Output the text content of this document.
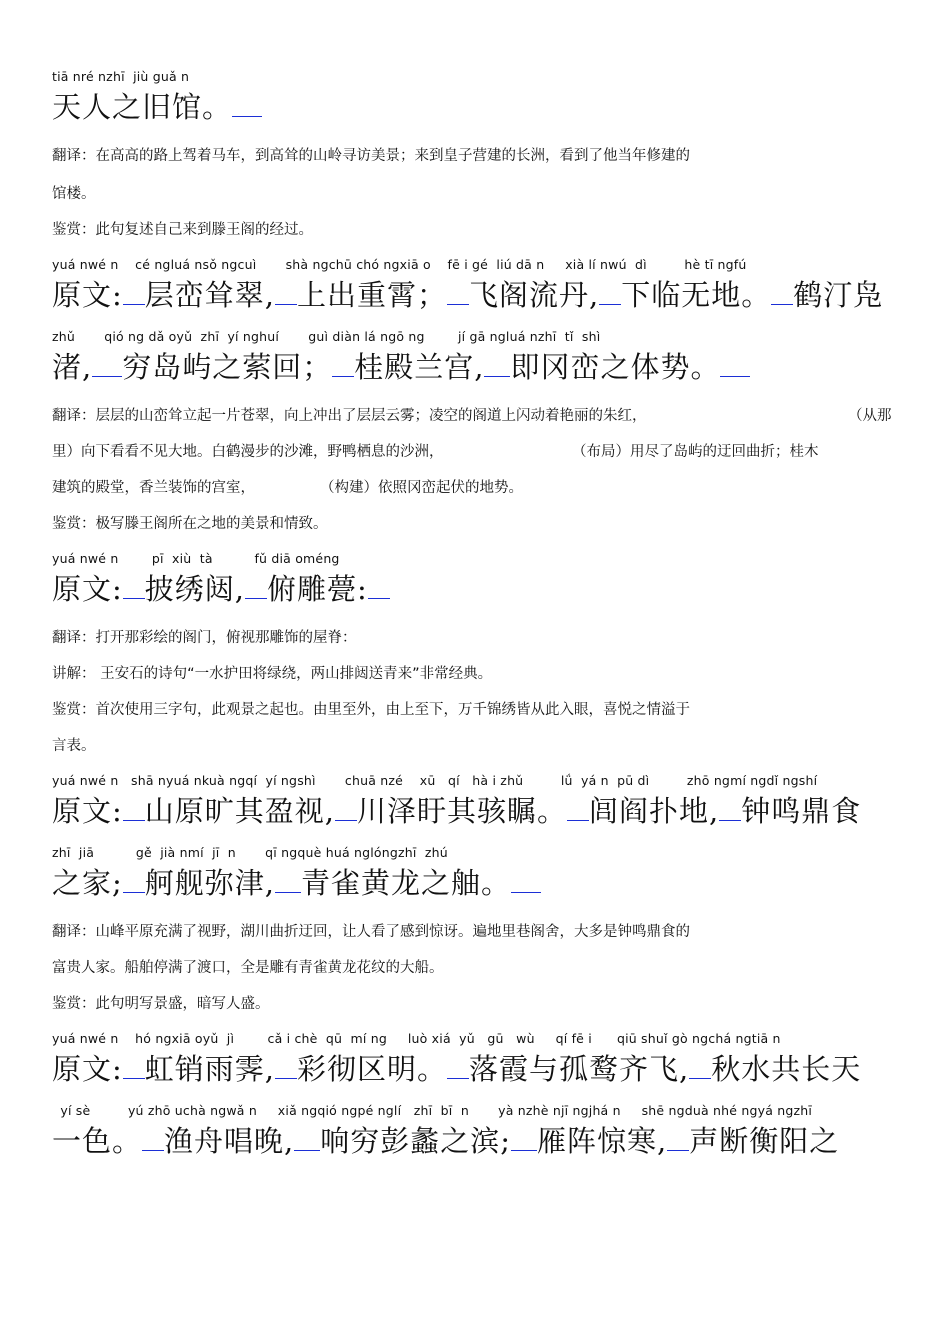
tiā nré nzhī  jiù guǎ n
天人之旧馆。
翻译：在高高的路上驾着马车，到高耸的山岭寻访美景；来到皇子营建的长洲，看到了他当年修建的
馆楼。
鉴赏：此句复述自己来到滕王阁的经过。
yuá nwé n    cé ngluá nsǒ ngcuì       shà ngchū chó ngxiā o    fē i gé  liú dā n     xià lí nwú  dì         hè tī ngfú
原文: 层峦耸翠, 上出重霄； 飞阁流丹, 下临无地。 鹤汀凫
zhǔ       qió ng dǎ oyǔ  zhī  yí nghuí       guì diàn lá ngō ng        jí gā ngluá nzhī  tǐ  shì
渚, 穷岛屿之萦回； 桂殿兰宫, 即冈峦之体势。
翻译：层层的山峦耸立起一片苍翠，向上冲出了层层云雾；凌空的阁道上闪动着艳丽的朱红，	（从那
里）向下看看不见大地。白鹤漫步的沙滩，野鸭栖息的沙洲，	（布局）用尽了岛屿的迂回曲折；桂木
建筑的殿堂，香兰装饰的宫室，	（构建）依照冈峦起伏的地势。
鉴赏：极写滕王阁所在之地的美景和情致。
yuá nwé n        pī  xiù  tà          fǔ diā oméng
原文: 披绣闼, 俯雕甍:
翻译：打开那彩绘的阁门，俯视那雕饰的屋脊：
讲解： 王安石的诗句“一水护田将绿绕，两山排闼送青来”非常经典。
鉴赏：首次使用三字句，此观景之起也。由里至外，由上至下，万千锦绣皆从此入眼，喜悦之情溢于
言表。
yuá nwé n   shā nyuá nkuà ngqí  yí ngshì       chuā nzé    xū   qí   hà i zhǔ         lǘ  yá n  pū dì         zhō ngmí ngdǐ ngshí
原文: 山原旷其盈视, 川泽盱其骇瞩。 闾阎扑地, 钟鸣鼎食
zhī  jiā          gě  jià nmí  jī  n       qī ngquè huá nglóngzhī  zhú
之家; 舸舰弥津, 青雀黄龙之舳。
翻译：山峰平原充满了视野，湖川曲折迂回，让人看了感到惊讶。遍地里巷阁舍，大多是钟鸣鼎食的
富贵人家。船舶停满了渡口，全是雕有青雀黄龙花纹的大船。
鉴赏：此句明写景盛，暗写人盛。
yuá nwé n    hó ngxiā oyǔ  jì        cǎ i chè  qū  mí ng     luò xiá  yǔ   gū   wù     qí fē i      qiū shuǐ gò ngchá ngtiā n
原文: 虹销雨霁, 彩彻区明。 落霞与孤鹜齐飞, 秋水共长天
yí sè         yú zhō uchà ngwǎ n     xiǎ ngqió ngpé nglí   zhī  bī  n       yà nzhè njī ngjhá n     shē ngduà nhé ngyá ngzhī
一色。 渔舟唱晚, 响穷彭蠡之滨; 雁阵惊寒, 声断衡阳之
